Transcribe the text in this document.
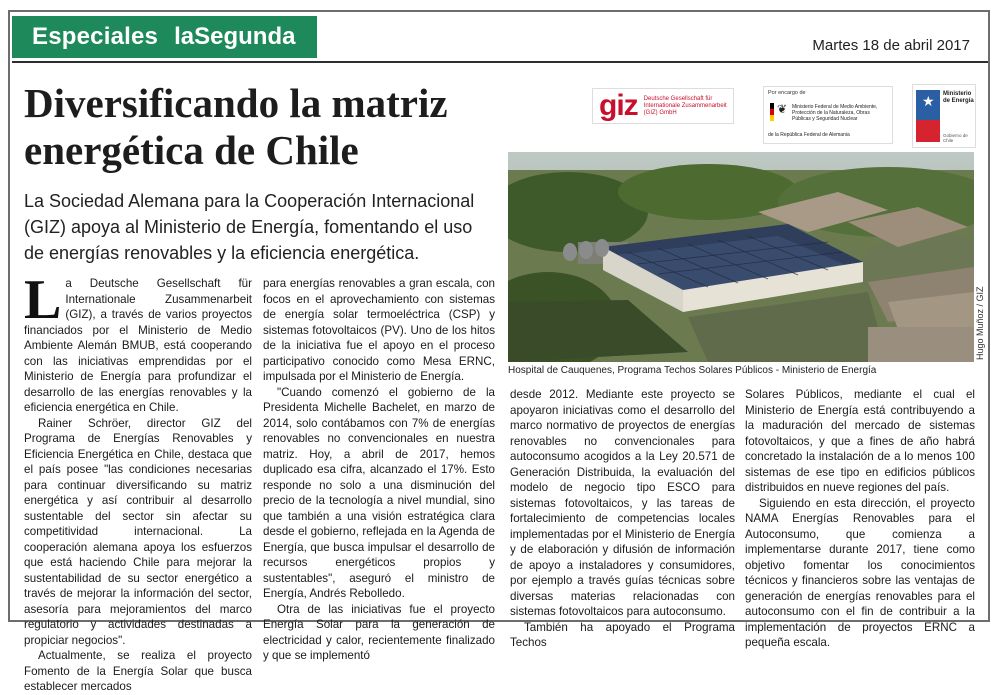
Especiales laSegunda	Martes 18 de abril 2017
Diversificando la matriz energética de Chile
La Sociedad Alemana para la Cooperación Internacional (GIZ) apoya al Ministerio de Energía, fomentando el uso de energías renovables y la eficiencia energética.

La Deutsche Gesellschaft für Internationale Zusammenarbeit (GIZ), a través de varios proyectos financiados por el Ministerio de Medio Ambiente Alemán BMUB, está cooperando con las iniciativas emprendidas por el Ministerio de Energía para profundizar el desarrollo de las energías renovables y la eficiencia energética en Chile.

Rainer Schröer, director GIZ del Programa de Energías Renovables y Eficiencia Energética en Chile, destaca que el país posee "las condiciones necesarias para continuar diversificando su matriz energética y así contribuir al desarrollo sustentable del sector sin afectar su competitividad internacional. La cooperación alemana apoya los esfuerzos que está haciendo Chile para mejorar la sustentabilidad de su sector energético a través de mejorar la información del sector, asesoría para mejoramientos del marco regulatorio y actividades destinadas a propiciar negocios".

Actualmente, se realiza el proyecto Fomento de la Energía Solar que busca establecer mercados

para energías renovables a gran escala, con focos en el aprovechamiento con sistemas de energía solar termoeléctrica (CSP) y sistemas fotovoltaicos (PV). Uno de los hitos de la iniciativa fue el apoyo en el proceso participativo conocido como Mesa ERNC, impulsada por el Ministerio de Energía.

"Cuando comenzó el gobierno de la Presidenta Michelle Bachelet, en marzo de 2014, solo contábamos con 7% de energías renovables no convencionales en nuestra matriz. Hoy, a abril de 2017, hemos duplicado esa cifra, alcanzado el 17%. Esto responde no solo a una disminución del precio de la tecnología a nivel mundial, sino que también a una visión estratégica clara desde el gobierno, reflejada en la Agenda de Energía, que busca impulsar el desarrollo de recursos energéticos propios y sustentables", aseguró el ministro de Energía, Andrés Rebolledo.

Otra de las iniciativas fue el proyecto Energía Solar para la generación de electricidad y calor, recientemente finalizado y que se implementó

giz Deutsche Gesellschaft für Internationale Zusammenarbeit (GIZ) GmbH
Por encargo de
❦ Ministerio Federal de Medio Ambiente, Protección de la Naturaleza, Obras Públicas y Seguridad Nuclear
de la República Federal de Alemania
★ Ministerio de Energía
Gobierno de Chile
Hospital de Cauquenes, Programa Techos Solares Públicos - Ministerio de Energía
Hugo Muñoz / GIZ

desde 2012. Mediante este proyecto se apoyaron iniciativas como el desarrollo del marco normativo de proyectos de energías renovables no convencionales para autoconsumo acogidos a la Ley 20.571 de Generación Distribuida, la evaluación del modelo de negocio tipo ESCO para sistemas fotovoltaicos, y las tareas de fortalecimiento de competencias locales implementadas por el Ministerio de Energía y de elaboración y difusión de información de apoyo a instaladores y consumidores, por ejemplo a través guías técnicas sobre diversas materias relacionadas con sistemas fotovoltaicos para autoconsumo.

También ha apoyado el Programa Techos

Solares Públicos, mediante el cual el Ministerio de Energía está contribuyendo a la maduración del mercado de sistemas fotovoltaicos, y que a fines de año habrá concretado la instalación de a lo menos 100 sistemas de ese tipo en edificios públicos distribuidos en nueve regiones del país.

Siguiendo en esta dirección, el proyecto NAMA Energías Renovables para el Autoconsumo, que comienza a implementarse durante 2017, tiene como objetivo fomentar los conocimientos técnicos y financieros sobre las ventajas de generación de energías renovables para el autoconsumo con el fin de contribuir a la implementación de proyectos ERNC a pequeña escala.
